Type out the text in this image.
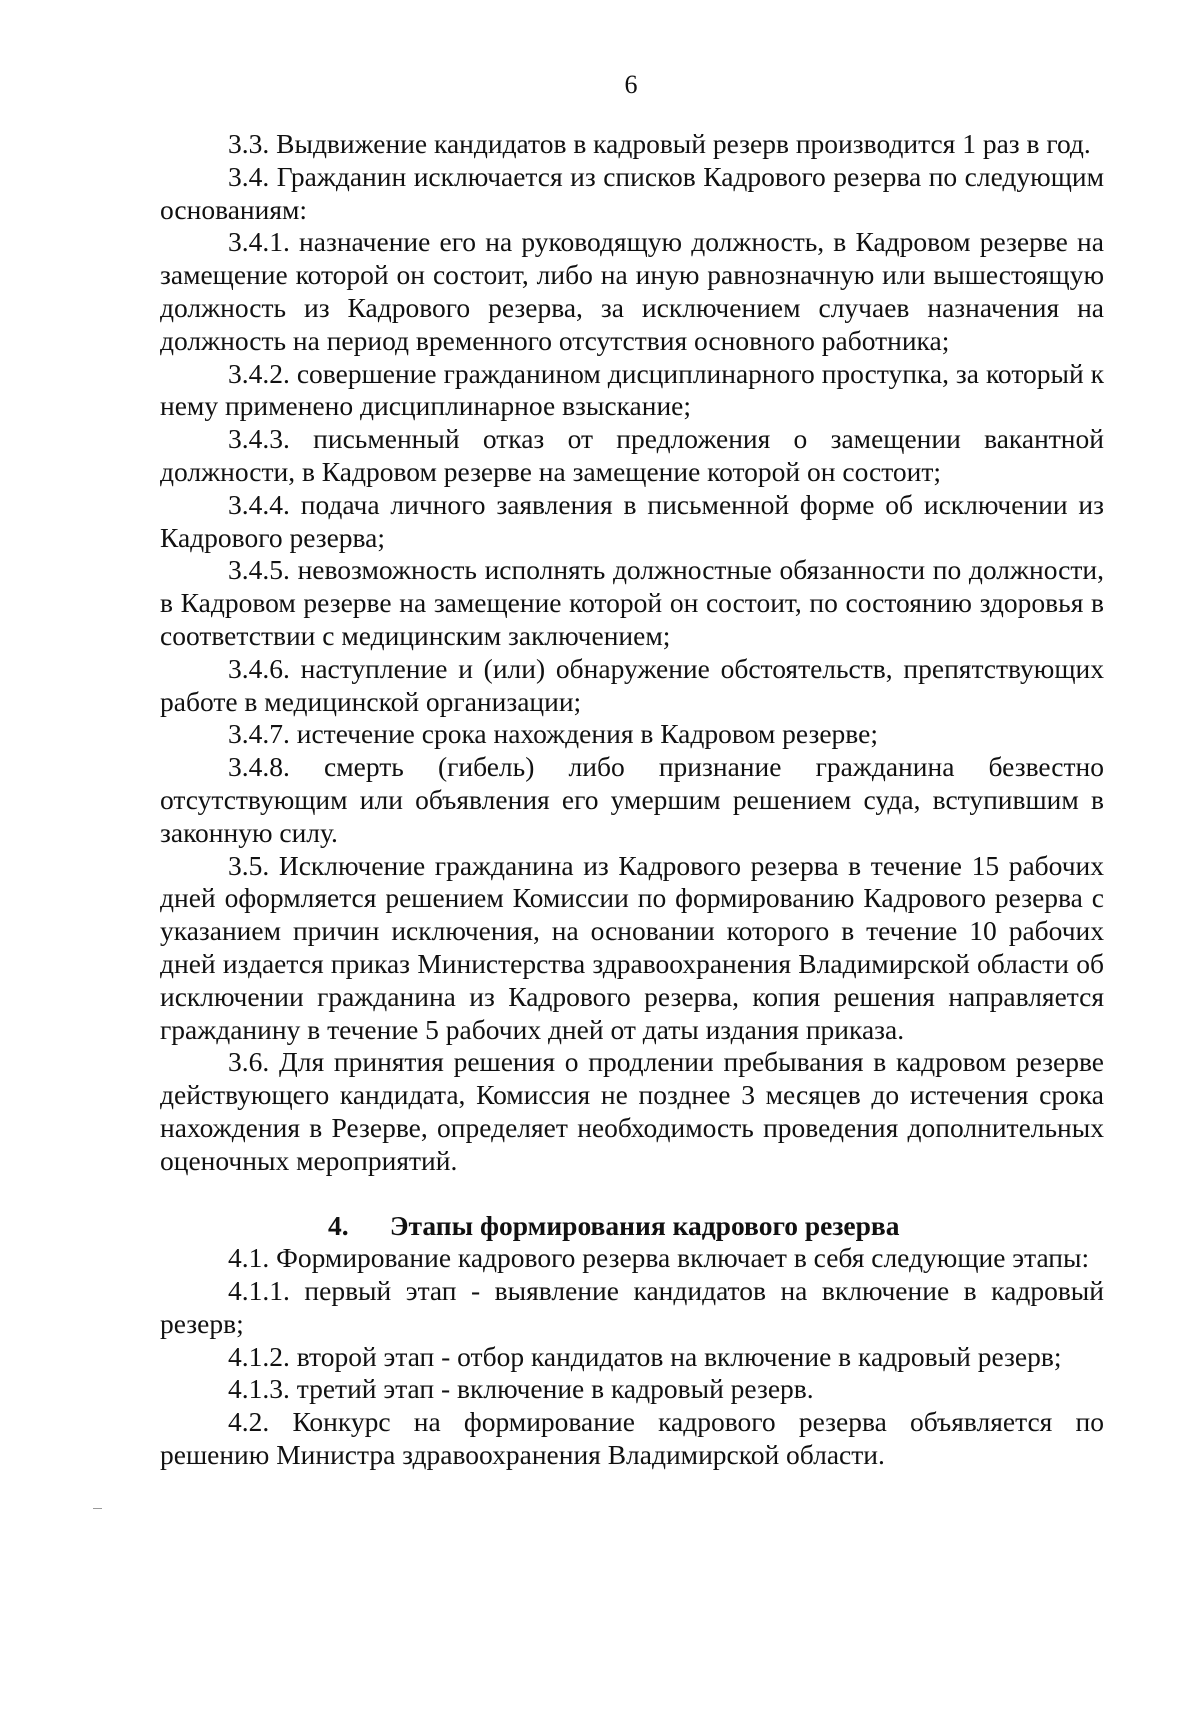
6

3.3. Выдвижение кандидатов в кадровый резерв производится 1 раз в год.

3.4. Гражданин исключается из списков Кадрового резерва по следующим основаниям:

3.4.1. назначение его на руководящую должность, в Кадровом резерве на замещение которой он состоит, либо на иную равнозначную или вышестоящую должность из Кадрового резерва, за исключением случаев назначения на должность на период временного отсутствия основного работника;

3.4.2. совершение гражданином дисциплинарного проступка, за который к нему применено дисциплинарное взыскание;

3.4.3. письменный отказ от предложения о замещении вакантной должности, в Кадровом резерве на замещение которой он состоит;

3.4.4. подача личного заявления в письменной форме об исключении из Кадрового резерва;

3.4.5. невозможность исполнять должностные обязанности по должности, в Кадровом резерве на замещение которой он состоит, по состоянию здоровья в соответствии с медицинским заключением;

3.4.6. наступление и (или) обнаружение обстоятельств, препятствующих работе в медицинской организации;

3.4.7. истечение срока нахождения в Кадровом резерве;

3.4.8. смерть (гибель) либо признание гражданина безвестно отсутствующим или объявления его умершим решением суда, вступившим в законную силу.

3.5. Исключение гражданина из Кадрового резерва в течение 15 рабочих дней оформляется решением Комиссии по формированию Кадрового резерва с указанием причин исключения, на основании которого в течение 10 рабочих дней издается приказ Министерства здравоохранения Владимирской области об исключении гражданина из Кадрового резерва, копия решения направляется гражданину в течение 5 рабочих дней от даты издания приказа.

3.6. Для принятия решения о продлении пребывания в кадровом резерве действующего кандидата, Комиссия не позднее 3 месяцев до истечения срока нахождения в Резерве, определяет необходимость проведения дополнительных оценочных мероприятий.

4.      Этапы формирования кадрового резерва

4.1. Формирование кадрового резерва включает в себя следующие этапы:

4.1.1. первый этап - выявление кандидатов на включение в кадровый резерв;

4.1.2. второй этап - отбор кандидатов на включение в кадровый резерв;

4.1.3. третий этап - включение в кадровый резерв.

4.2. Конкурс на формирование кадрового резерва объявляется по решению Министра здравоохранения Владимирской области.
